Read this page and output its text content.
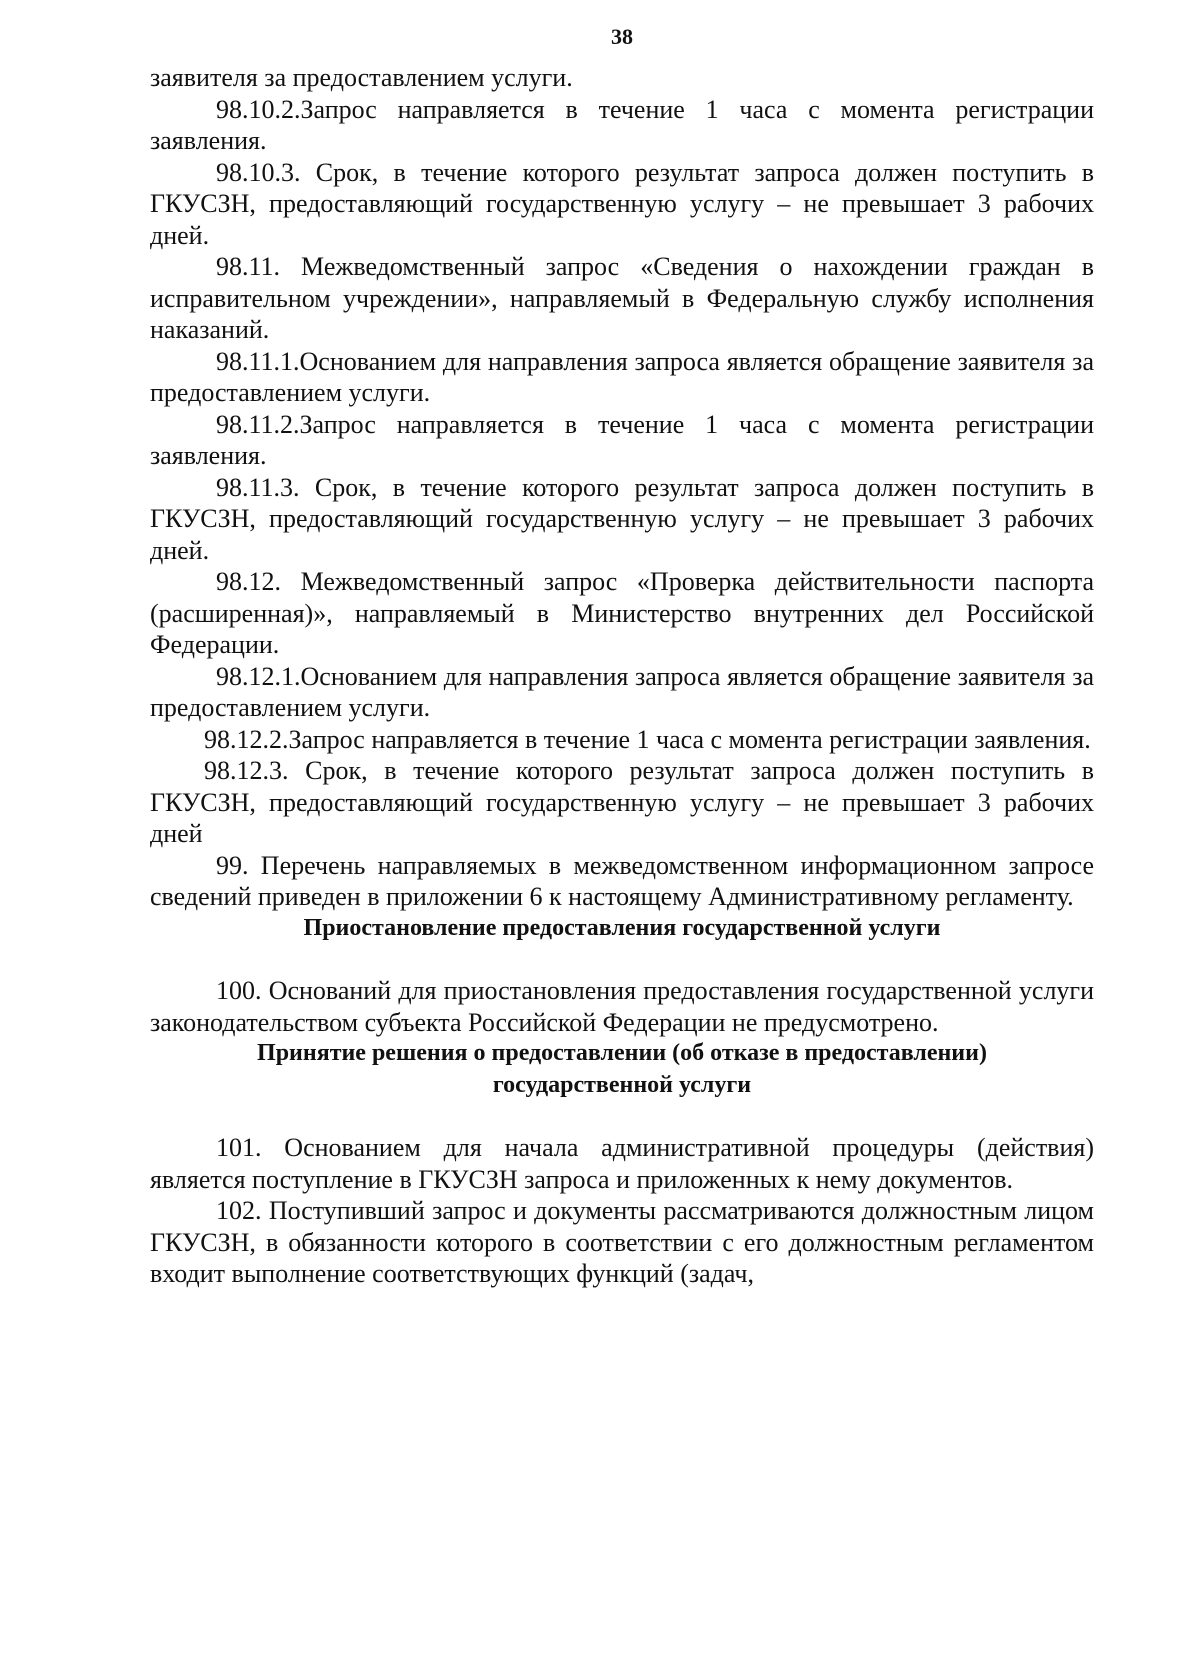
38

заявителя за предоставлением услуги.

98.10.2.Запрос направляется в течение 1 часа с момента регистрации заявления.

98.10.3. Срок, в течение которого результат запроса должен поступить в ГКУСЗН, предоставляющий государственную услугу – не превышает 3 рабочих дней.

98.11. Межведомственный запрос «Сведения о нахождении граждан в исправительном учреждении», направляемый в Федеральную службу исполнения наказаний.

98.11.1.Основанием для направления запроса является обращение заявителя за предоставлением услуги.

98.11.2.Запрос направляется в течение 1 часа с момента регистрации заявления.

98.11.3. Срок, в течение которого результат запроса должен поступить в ГКУСЗН, предоставляющий государственную услугу – не превышает 3 рабочих дней.

98.12. Межведомственный запрос «Проверка действительности паспорта (расширенная)», направляемый в Министерство внутренних дел Российской Федерации.

98.12.1.Основанием для направления запроса является обращение заявителя за предоставлением услуги.

98.12.2.Запрос направляется в течение 1 часа с момента регистрации заявления.

98.12.3. Срок, в течение которого результат запроса должен поступить в ГКУСЗН, предоставляющий государственную услугу – не превышает 3 рабочих дней

99. Перечень направляемых в межведомственном информационном запросе сведений приведен в приложении 6 к настоящему Административному регламенту.

Приостановление предоставления государственной услуги

100. Оснований для приостановления предоставления государственной услуги законодательством субъекта Российской Федерации не предусмотрено.

Принятие решения о предоставлении (об отказе в предоставлении)
государственной услуги

101. Основанием для начала административной процедуры (действия) является поступление в ГКУСЗН запроса и приложенных к нему документов.

102. Поступивший запрос и документы рассматриваются должностным лицом ГКУСЗН, в обязанности которого в соответствии с его должностным регламентом входит выполнение соответствующих функций (задач,
